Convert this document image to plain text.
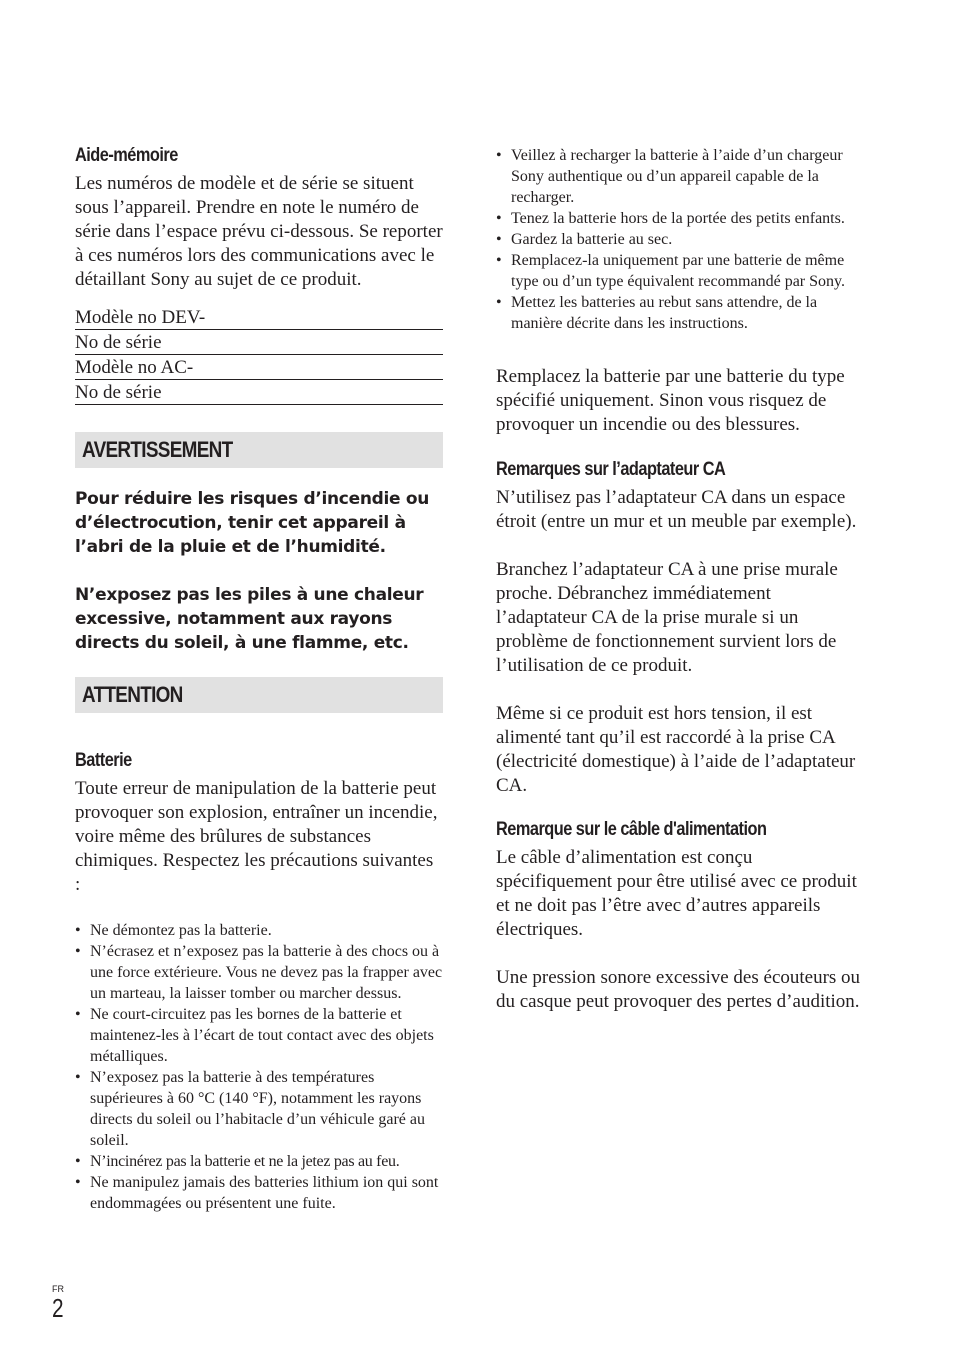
Aide-mémoire

Les numéros de modèle et de série se situent sous l’appareil. Prendre en note le numéro de série dans l’espace prévu ci-dessous. Se reporter à ces numéros lors des communications avec le détaillant Sony au sujet de ce produit.

Modèle no DEV-
No de série
Modèle no AC-
No de série
AVERTISSEMENT

Pour réduire les risques d’incendie ou d’électrocution, tenir cet appareil à l’abri de la pluie et de l’humidité.

N’exposez pas les piles à une chaleur excessive, notamment aux rayons directs du soleil, à une flamme, etc.

ATTENTION
Batterie

Toute erreur de manipulation de la batterie peut provoquer son explosion, entraîner un incendie, voire même des brûlures de substances chimiques. Respectez les précautions suivantes :

• Ne démontez pas la batterie.
• N’écrasez et n’exposez pas la batterie à des chocs ou à une force extérieure. Vous ne devez pas la frapper avec un marteau, la laisser tomber ou marcher dessus.
• Ne court-circuitez pas les bornes de la batterie et maintenez-les à l’écart de tout contact avec des objets métalliques.
• N’exposez pas la batterie à des températures supérieures à 60 °C (140 °F), notamment les rayons directs du soleil ou l’habitacle d’un véhicule garé au soleil.
• N’incinérez pas la batterie et ne la jetez pas au feu.
• Ne manipulez jamais des batteries lithium ion qui sont endommagées ou présentent une fuite.
• Veillez à recharger la batterie à l’aide d’un chargeur Sony authentique ou d’un appareil capable de la recharger.
• Tenez la batterie hors de la portée des petits enfants.
• Gardez la batterie au sec.
• Remplacez-la uniquement par une batterie de même type ou d’un type équivalent recommandé par Sony.
• Mettez les batteries au rebut sans attendre, de la manière décrite dans les instructions.

Remplacez la batterie par une batterie du type spécifié uniquement. Sinon vous risquez de provoquer un incendie ou des blessures.

Remarques sur l’adaptateur CA

N’utilisez pas l’adaptateur CA dans un espace étroit (entre un mur et un meuble par exemple).

Branchez l’adaptateur CA à une prise murale proche. Débranchez immédiatement l’adaptateur CA de la prise murale si un problème de fonctionnement survient lors de l’utilisation de ce produit.

Même si ce produit est hors tension, il est alimenté tant qu’il est raccordé à la prise CA (électricité domestique) à l’aide de l’adaptateur CA.

Remarque sur le câble d'alimentation

Le câble d’alimentation est conçu spécifiquement pour être utilisé avec ce produit et ne doit pas l’être avec d’autres appareils électriques.

Une pression sonore excessive des écouteurs ou du casque peut provoquer des pertes d’audition.

FR
2
